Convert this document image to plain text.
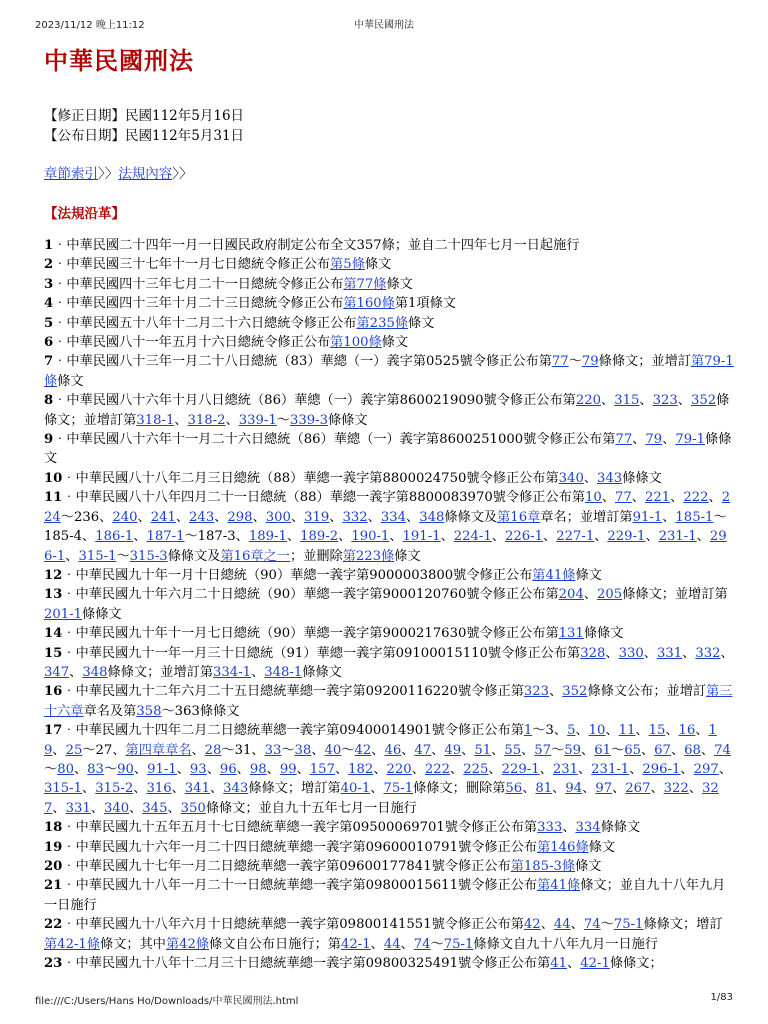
2023/11/12 晚上11:12	中華民國刑法
中華民國刑法
【修正日期】民國112年5月16日
【公布日期】民國112年5月31日
章節索引〉〉法規內容〉〉
【法規沿革】
1‧中華民國二十四年一月一日國民政府制定公布全文357條；並自二十四年七月一日起施行
2‧中華民國三十七年十一月七日總統令修正公布第5條條文
3‧中華民國四十三年七月二十一日總統令修正公布第77條條文
4‧中華民國四十三年十月二十三日總統令修正公布第160條第1項條文
5‧中華民國五十八年十二月二十六日總統令修正公布第235條條文
6‧中華民國八十一年五月十六日總統令修正公布第100條條文
7‧中華民國八十三年一月二十八日總統（83）華總（一）義字第0525號令修正公布第77～79條條文；並增訂第79-1條條文
8‧中華民國八十六年十月八日總統（86）華總（一）義字第8600219090號令修正公布第220、315、323、352條條文；並增訂第318-1、318-2、339-1～339-3條條文
9‧中華民國八十六年十一月二十六日總統（86）華總（一）義字第8600251000號令修正公布第77、79、79-1條條文
10‧中華民國八十八年二月三日總統（88）華總一義字第8800024750號令修正公布第340、343條條文
11‧中華民國八十八年四月二十一日總統（88）華總一義字第8800083970號令修正公布第10、77、221、222、224～236、240、241、243、298、300、319、332、334、348條條文及第16章章名；並增訂第91-1、185-1～185-4、186-1、187-1～187-3、189-1、189-2、190-1、191-1、224-1、226-1、227-1、229-1、231-1、296-1、315-1～315-3條條文及第16章之一；並刪除第223條條文
12‧中華民國九十年一月十日總統（90）華總一義字第9000003800號令修正公布第41條條文
13‧中華民國九十年六月二十日總統（90）華總一義字第9000120760號令修正公布第204、205條條文；並增訂第201-1條條文
14‧中華民國九十年十一月七日總統（90）華總一義字第9000217630號令修正公布第131條條文
15‧中華民國九十一年一月三十日總統（91）華總一義字第09100015110號令修正公布第328、330、331、332、347、348條條文；並增訂第334-1、348-1條條文
16‧中華民國九十二年六月二十五日總統華總一義字第09200116220號令修正第323、352條條文公布；並增訂第三十六章章名及第358～363條條文
17‧中華民國九十四年二月二日總統華總一義字第09400014901號令修正公布第1～3、5、10、11、15、16、19、25～27、第四章章名、28～31、33～38、40～42、46、47、49、51、55、57～59、61～65、67、68、74～80、83～90、91-1、93、96、98、99、157、182、220、222、225、229-1、231、231-1、296-1、297、315-1、315-2、316、341、343條條文；增訂第40-1、75-1條條文；刪除第56、81、94、97、267、322、327、331、340、345、350條條文；並自九十五年七月一日施行
18‧中華民國九十五年五月十七日總統華總一義字第09500069701號令修正公布第333、334條條文
19‧中華民國九十六年一月二十四日總統華總一義字第09600010791號令修正公布第146條條文
20‧中華民國九十七年一月二日總統華總一義字第09600177841號令修正公布第185-3條條文
21‧中華民國九十八年一月二十一日總統華總一義字第09800015611號令修正公布第41條條文；並自九十八年九月一日施行
22‧中華民國九十八年六月十日總統華總一義字第09800141551號令修正公布第42、44、74～75-1條條文；增訂第42-1條條文；其中第42條條文自公布日施行；第42-1、44、74～75-1條條文自九十八年九月一日施行
23‧中華民國九十八年十二月三十日總統華總一義字第09800325491號令修正公布第41、42-1條條文；
file:///C:/Users/Hans Ho/Downloads/中華民國刑法.html	1/83
